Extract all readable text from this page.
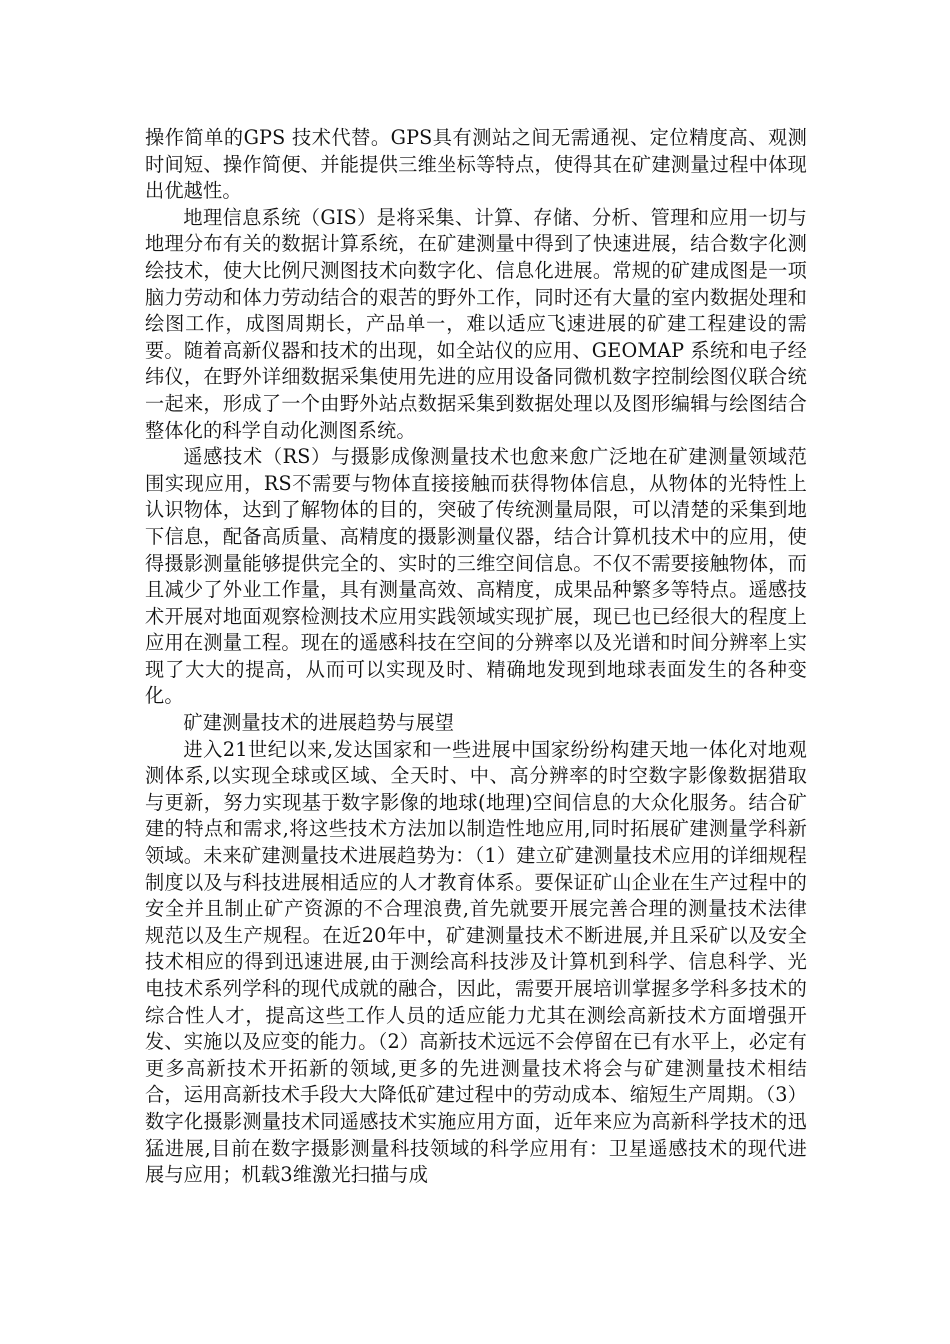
操作简单的GPS 技术代替。GPS具有测站之间无需通视、定位精度高、观测时间短、操作简便、并能提供三维坐标等特点，使得其在矿建测量过程中体现出优越性。

地理信息系统（GIS）是将采集、计算、存储、分析、管理和应用一切与地理分布有关的数据计算系统，在矿建测量中得到了快速进展，结合数字化测绘技术，使大比例尺测图技术向数字化、信息化进展。常规的矿建成图是一项脑力劳动和体力劳动结合的艰苦的野外工作，同时还有大量的室内数据处理和绘图工作，成图周期长，产品单一，难以适应飞速进展的矿建工程建设的需要。随着高新仪器和技术的出现，如全站仪的应用、GEOMAP 系统和电子经纬仪，在野外详细数据采集使用先进的应用设备同微机数字控制绘图仪联合统一起来，形成了一个由野外站点数据采集到数据处理以及图形编辑与绘图结合整体化的科学自动化测图系统。

遥感技术（RS）与摄影成像测量技术也愈来愈广泛地在矿建测量领域范围实现应用，RS不需要与物体直接接触而获得物体信息，从物体的光特性上认识物体，达到了解物体的目的，突破了传统测量局限，可以清楚的采集到地下信息，配备高质量、高精度的摄影测量仪器，结合计算机技术中的应用，使得摄影测量能够提供完全的、实时的三维空间信息。不仅不需要接触物体，而且减少了外业工作量，具有测量高效、高精度，成果品种繁多等特点。遥感技术开展对地面观察检测技术应用实践领域实现扩展，现已也已经很大的程度上应用在测量工程。现在的遥感科技在空间的分辨率以及光谱和时间分辨率上实现了大大的提高，从而可以实现及时、精确地发现到地球表面发生的各种变化。

矿建测量技术的进展趋势与展望

进入21世纪以来,发达国家和一些进展中国家纷纷构建天地一体化对地观测体系,以实现全球或区域、全天时、中、高分辨率的时空数字影像数据猎取与更新，努力实现基于数字影像的地球(地理)空间信息的大众化服务。结合矿建的特点和需求,将这些技术方法加以制造性地应用,同时拓展矿建测量学科新领域。未来矿建测量技术进展趋势为：（1）建立矿建测量技术应用的详细规程制度以及与科技进展相适应的人才教育体系。要保证矿山企业在生产过程中的安全并且制止矿产资源的不合理浪费,首先就要开展完善合理的测量技术法律规范以及生产规程。在近20年中，矿建测量技术不断进展,并且采矿以及安全技术相应的得到迅速进展,由于测绘高科技涉及计算机到科学、信息科学、光电技术系列学科的现代成就的融合，因此，需要开展培训掌握多学科多技术的综合性人才，提高这些工作人员的适应能力尤其在测绘高新技术方面增强开发、实施以及应变的能力。（2）高新技术远远不会停留在已有水平上，必定有更多高新技术开拓新的领域,更多的先进测量技术将会与矿建测量技术相结合，运用高新技术手段大大降低矿建过程中的劳动成本、缩短生产周期。（3）数字化摄影测量技术同遥感技术实施应用方面，近年来应为高新科学技术的迅猛进展,目前在数字摄影测量科技领域的科学应用有：卫星遥感技术的现代进展与应用；机载3维激光扫描与成
